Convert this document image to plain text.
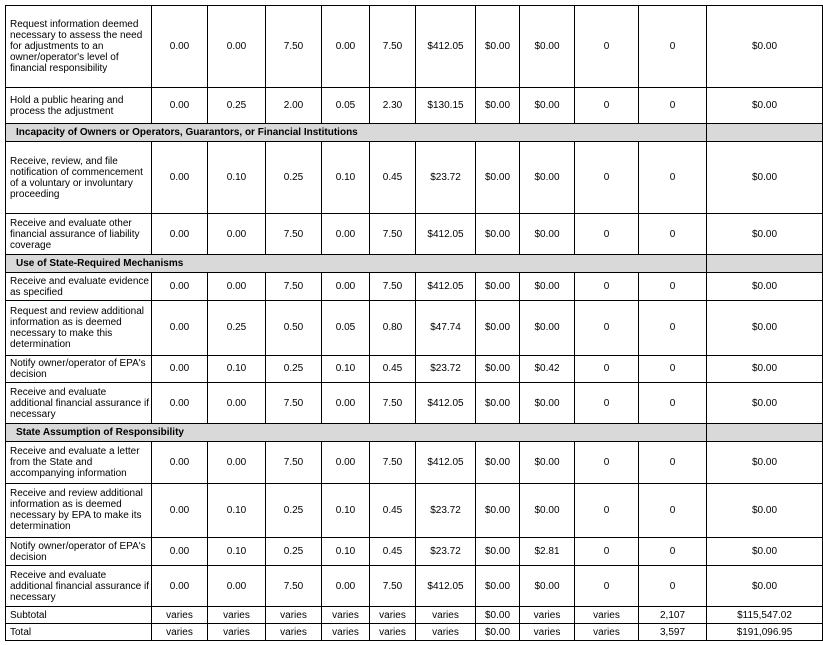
Request information deemed necessary to assess the need for adjustments to an owner/operator's level of financial responsibility	0.00	0.00	7.50	0.00	7.50	$412.05	$0.00	$0.00	0	0	$0.00
Hold a public hearing and process the adjustment	0.00	0.25	2.00	0.05	2.30	$130.15	$0.00	$0.00	0	0	$0.00
Incapacity of Owners or Operators, Guarantors, or Financial Institutions											
Receive, review, and file notification of commencement of a voluntary or involuntary proceeding	0.00	0.10	0.25	0.10	0.45	$23.72	$0.00	$0.00	0	0	$0.00
Receive and evaluate other financial assurance of liability coverage	0.00	0.00	7.50	0.00	7.50	$412.05	$0.00	$0.00	0	0	$0.00
Use of State-Required Mechanisms											
Receive and evaluate evidence as specified	0.00	0.00	7.50	0.00	7.50	$412.05	$0.00	$0.00	0	0	$0.00
Request and review additional information as is deemed necessary to make this determination	0.00	0.25	0.50	0.05	0.80	$47.74	$0.00	$0.00	0	0	$0.00
Notify owner/operator of EPA's decision	0.00	0.10	0.25	0.10	0.45	$23.72	$0.00	$0.42	0	0	$0.00
Receive and evaluate additional financial assurance if necessary	0.00	0.00	7.50	0.00	7.50	$412.05	$0.00	$0.00	0	0	$0.00
State Assumption of Responsibility											
Receive and evaluate a letter from the State and accompanying information	0.00	0.00	7.50	0.00	7.50	$412.05	$0.00	$0.00	0	0	$0.00
Receive and review additional information as is deemed necessary by EPA to make its determination	0.00	0.10	0.25	0.10	0.45	$23.72	$0.00	$0.00	0	0	$0.00
Notify owner/operator of EPA's decision	0.00	0.10	0.25	0.10	0.45	$23.72	$0.00	$2.81	0	0	$0.00
Receive and evaluate additional financial assurance if necessary	0.00	0.00	7.50	0.00	7.50	$412.05	$0.00	$0.00	0	0	$0.00
Subtotal	varies	varies	varies	varies	varies	varies	$0.00	varies	varies	2,107	$115,547.02
Total	varies	varies	varies	varies	varies	varies	$0.00	varies	varies	3,597	$191,096.95
